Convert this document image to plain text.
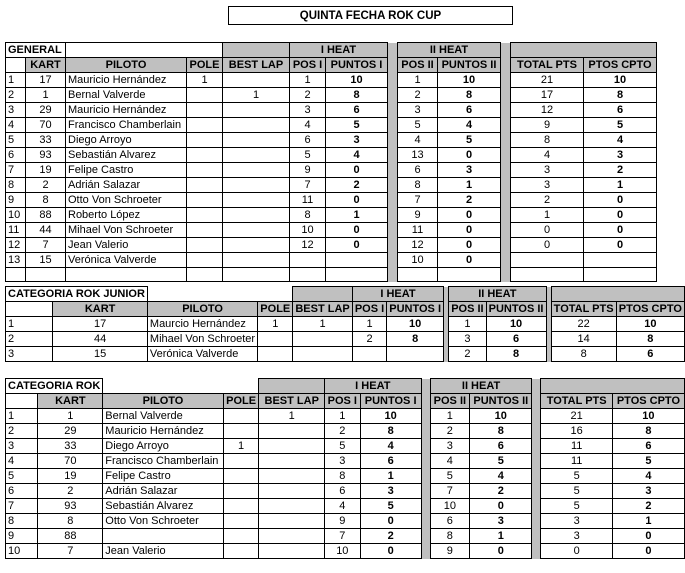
QUINTA FECHA ROK CUP
GENERAL					I HEAT			II HEAT				
	KART	PILOTO	POLE	BEST LAP	POS I	PUNTOS I		POS II	PUNTOS II		TOTAL PTS	PTOS CPTO
1	17	Mauricio Hernández	1		1	10		1	10		21	10
2	1	Bernal Valverde		1	2	8		2	8		17	8
3	29	Mauricio Hernández			3	6		3	6		12	6
4	70	Francisco Chamberlain			4	5		5	4		9	5
5	33	Diego Arroyo			6	3		4	5		8	4
6	93	Sebastián Alvarez			5	4		13	0		4	3
7	19	Felipe Castro			9	0		6	3		3	2
8	2	Adrián Salazar			7	2		8	1		3	1
9	8	Otto Von Schroeter			11	0		7	2		2	0
10	88	Roberto López			8	1		9	0		1	0
11	44	Mihael Von Schroeter			10	0		11	0		0	0
12	7	Jean Valerio			12	0		12	0		0	0
13	15	Verónica Valverde						10	0			

CATEGORIA ROK JUNIOR					I HEAT			II HEAT				
	KART	PILOTO	POLE	BEST LAP	POS I	PUNTOS I		POS II	PUNTOS II		TOTAL PTS	PTOS CPTO
1	17	Maurcio Hernández	1	1	1	10		1	10		22	10
2	44	Mihael Von Schroeter			2	8		3	6		14	8
3	15	Verónica Valverde						2	8		8	6
CATEGORIA ROK					I HEAT			II HEAT				
	KART	PILOTO	POLE	BEST LAP	POS I	PUNTOS I		POS II	PUNTOS II		TOTAL PTS	PTOS CPTO
1	1	Bernal Valverde		1	1	10		1	10		21	10
2	29	Mauricio Hernández			2	8		2	8		16	8
3	33	Diego Arroyo	1		5	4		3	6		11	6
4	70	Francisco Chamberlain			3	6		4	5		11	5
5	19	Felipe Castro			8	1		5	4		5	4
6	2	Adrián Salazar			6	3		7	2		5	3
7	93	Sebastián Alvarez			4	5		10	0		5	2
8	8	Otto Von Schroeter			9	0		6	3		3	1
9	88				7	2		8	1		3	0
10	7	Jean Valerio			10	0		9	0		0	0
